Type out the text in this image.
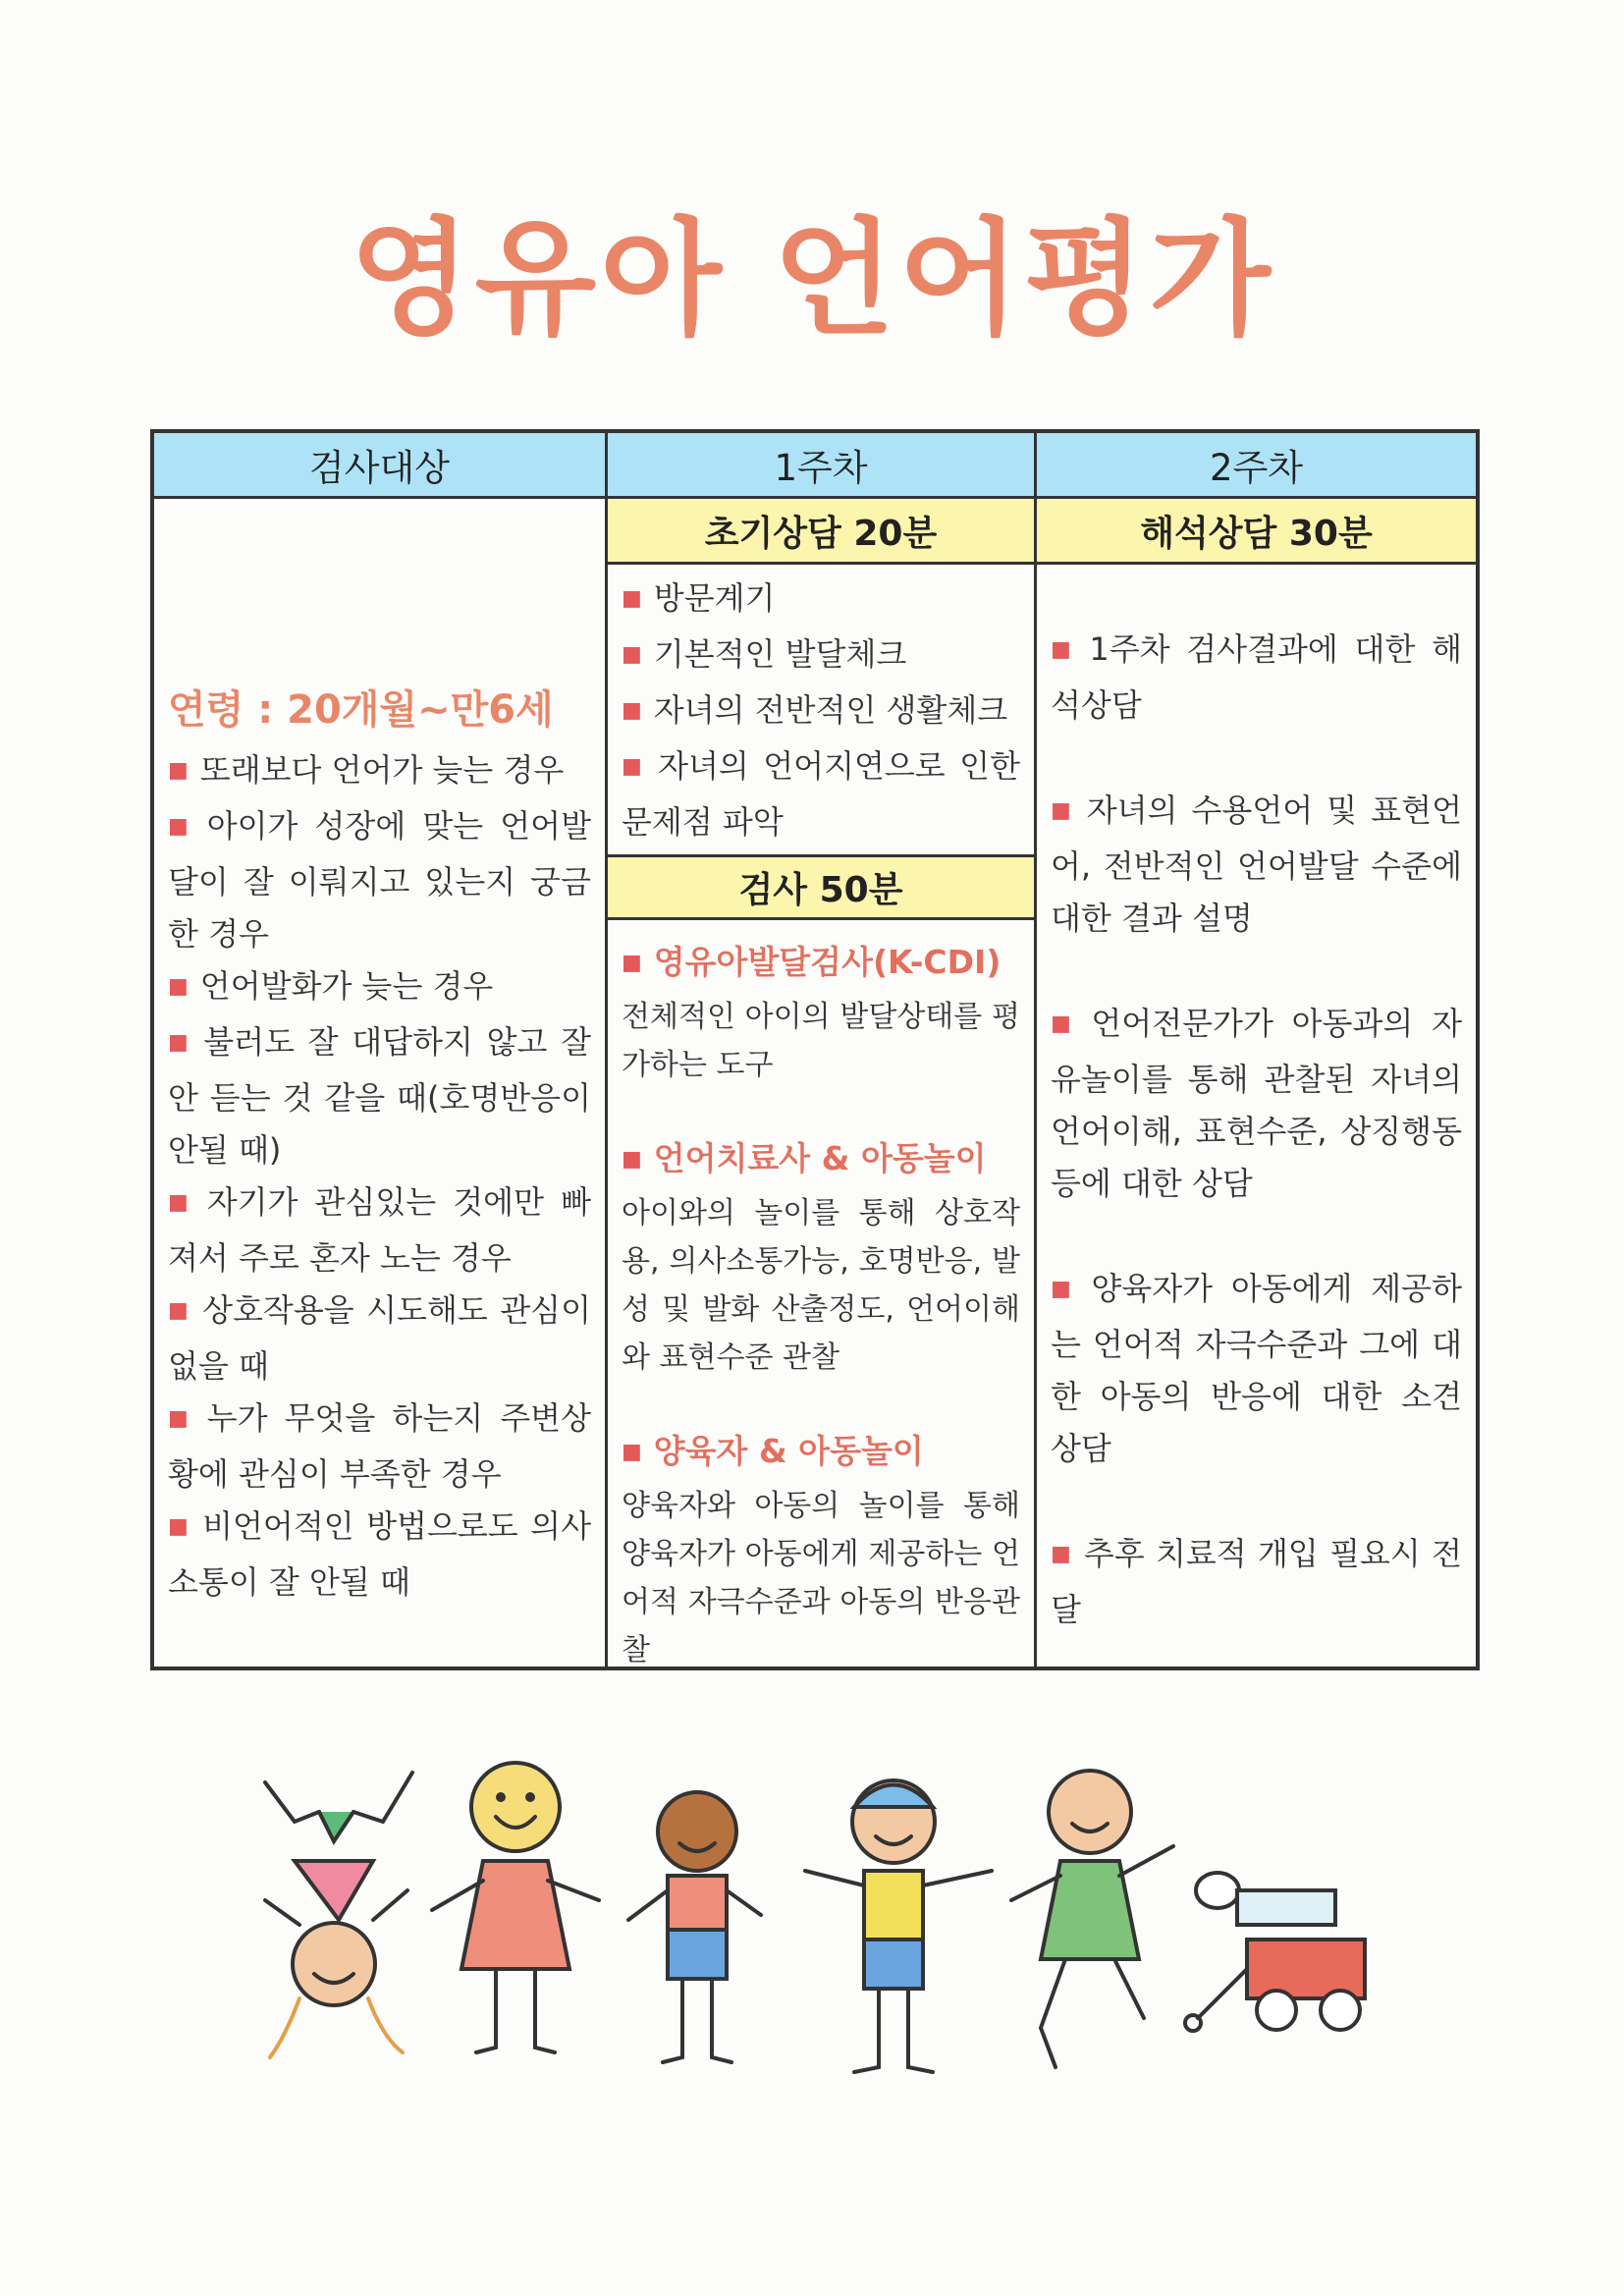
영유아 언어평가
검사대상	1주차	2주차

연령 : 20개월~만6세

■ 또래보다 언어가 늦는 경우

■ 아이가 성장에 맞는 언어발달이 잘 이뤄지고 있는지 궁금한 경우

■ 언어발화가 늦는 경우

■ 불러도 잘 대답하지 않고 잘 안 듣는 것 같을 때(호명반응이 안될 때)

■ 자기가 관심있는 것에만 빠져서 주로 혼자 노는 경우

■ 상호작용을 시도해도 관심이 없을 때

■ 누가 무엇을 하는지 주변상황에 관심이 부족한 경우

■ 비언어적인 방법으로도 의사소통이 잘 안될 때

초기상담 20분

■ 방문계기

■ 기본적인 발달체크

■ 자녀의 전반적인 생활체크

■ 자녀의 언어지연으로 인한 문제점 파악

검사 50분

■ 영유아발달검사(K-CDI)

전체적인 아이의 발달상태를 평가하는 도구

■ 언어치료사 & 아동놀이

아이와의 놀이를 통해 상호작용, 의사소통가능, 호명반응, 발성 및 발화 산출정도, 언어이해와 표현수준 관찰

■ 양육자 & 아동놀이

양육자와 아동의 놀이를 통해 양육자가 아동에게 제공하는 언어적 자극수준과 아동의 반응관찰

해석상담 30분

■ 1주차 검사결과에 대한 해석상담

■ 자녀의 수용언어 및 표현언어, 전반적인 언어발달 수준에 대한 결과 설명

■ 언어전문가가 아동과의 자유놀이를 통해 관찰된 자녀의 언어이해, 표현수준, 상징행동 등에 대한 상담

■ 양육자가 아동에게 제공하는 언어적 자극수준과 그에 대한 아동의 반응에 대한 소견 상담

■ 추후 치료적 개입 필요시 전달
